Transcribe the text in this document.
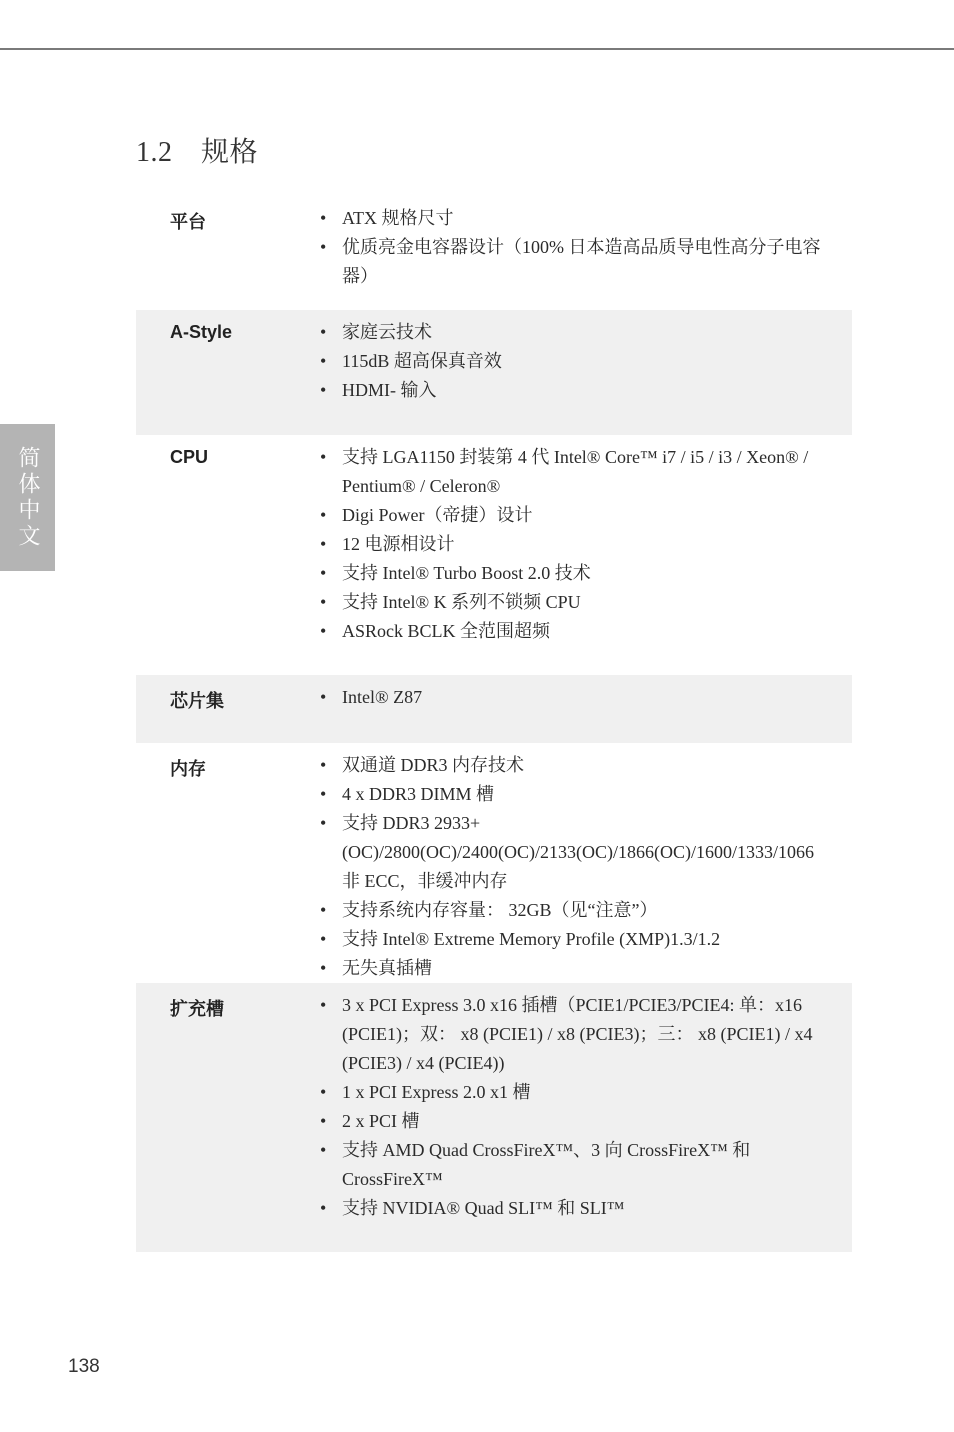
1.2  规格
简体中文
平台	• ATX 规格尺寸
• 优质亮金电容器设计（100% 日本造高品质导电性高分子电容器）
A-Style	• 家庭云技术
• 115dB 超高保真音效
• HDMI- 输入
CPU	• 支持 LGA1150 封装第 4 代 Intel® Core™ i7 / i5 / i3 / Xeon® / Pentium® / Celeron®
• Digi Power（帝捷）设计
• 12 电源相设计
• 支持 Intel® Turbo Boost 2.0 技术
• 支持 Intel® K 系列不锁频 CPU
• ASRock BCLK 全范围超频
芯片集	• Intel® Z87
内存	• 双通道 DDR3 内存技术
• 4 x DDR3 DIMM 槽
• 支持 DDR3 2933+(OC)/2800(OC)/2400(OC)/2133(OC)/1866(OC)/1600/1333/1066 非 ECC，非缓冲内存
• 支持系统内存容量： 32GB（见“注意”）
• 支持 Intel® Extreme Memory Profile (XMP)1.3/1.2
• 无失真插槽
扩充槽	• 3 x PCI Express 3.0 x16 插槽（PCIE1/PCIE3/PCIE4: 单：x16 (PCIE1)；双： x8 (PCIE1) / x8 (PCIE3)；三： x8 (PCIE1) / x4 (PCIE3) / x4 (PCIE4))
• 1 x PCI Express 2.0 x1 槽
• 2 x PCI 槽
• 支持 AMD Quad CrossFireX™、3 向 CrossFireX™ 和 CrossFireX™
• 支持 NVIDIA® Quad SLI™ 和 SLI™
138
